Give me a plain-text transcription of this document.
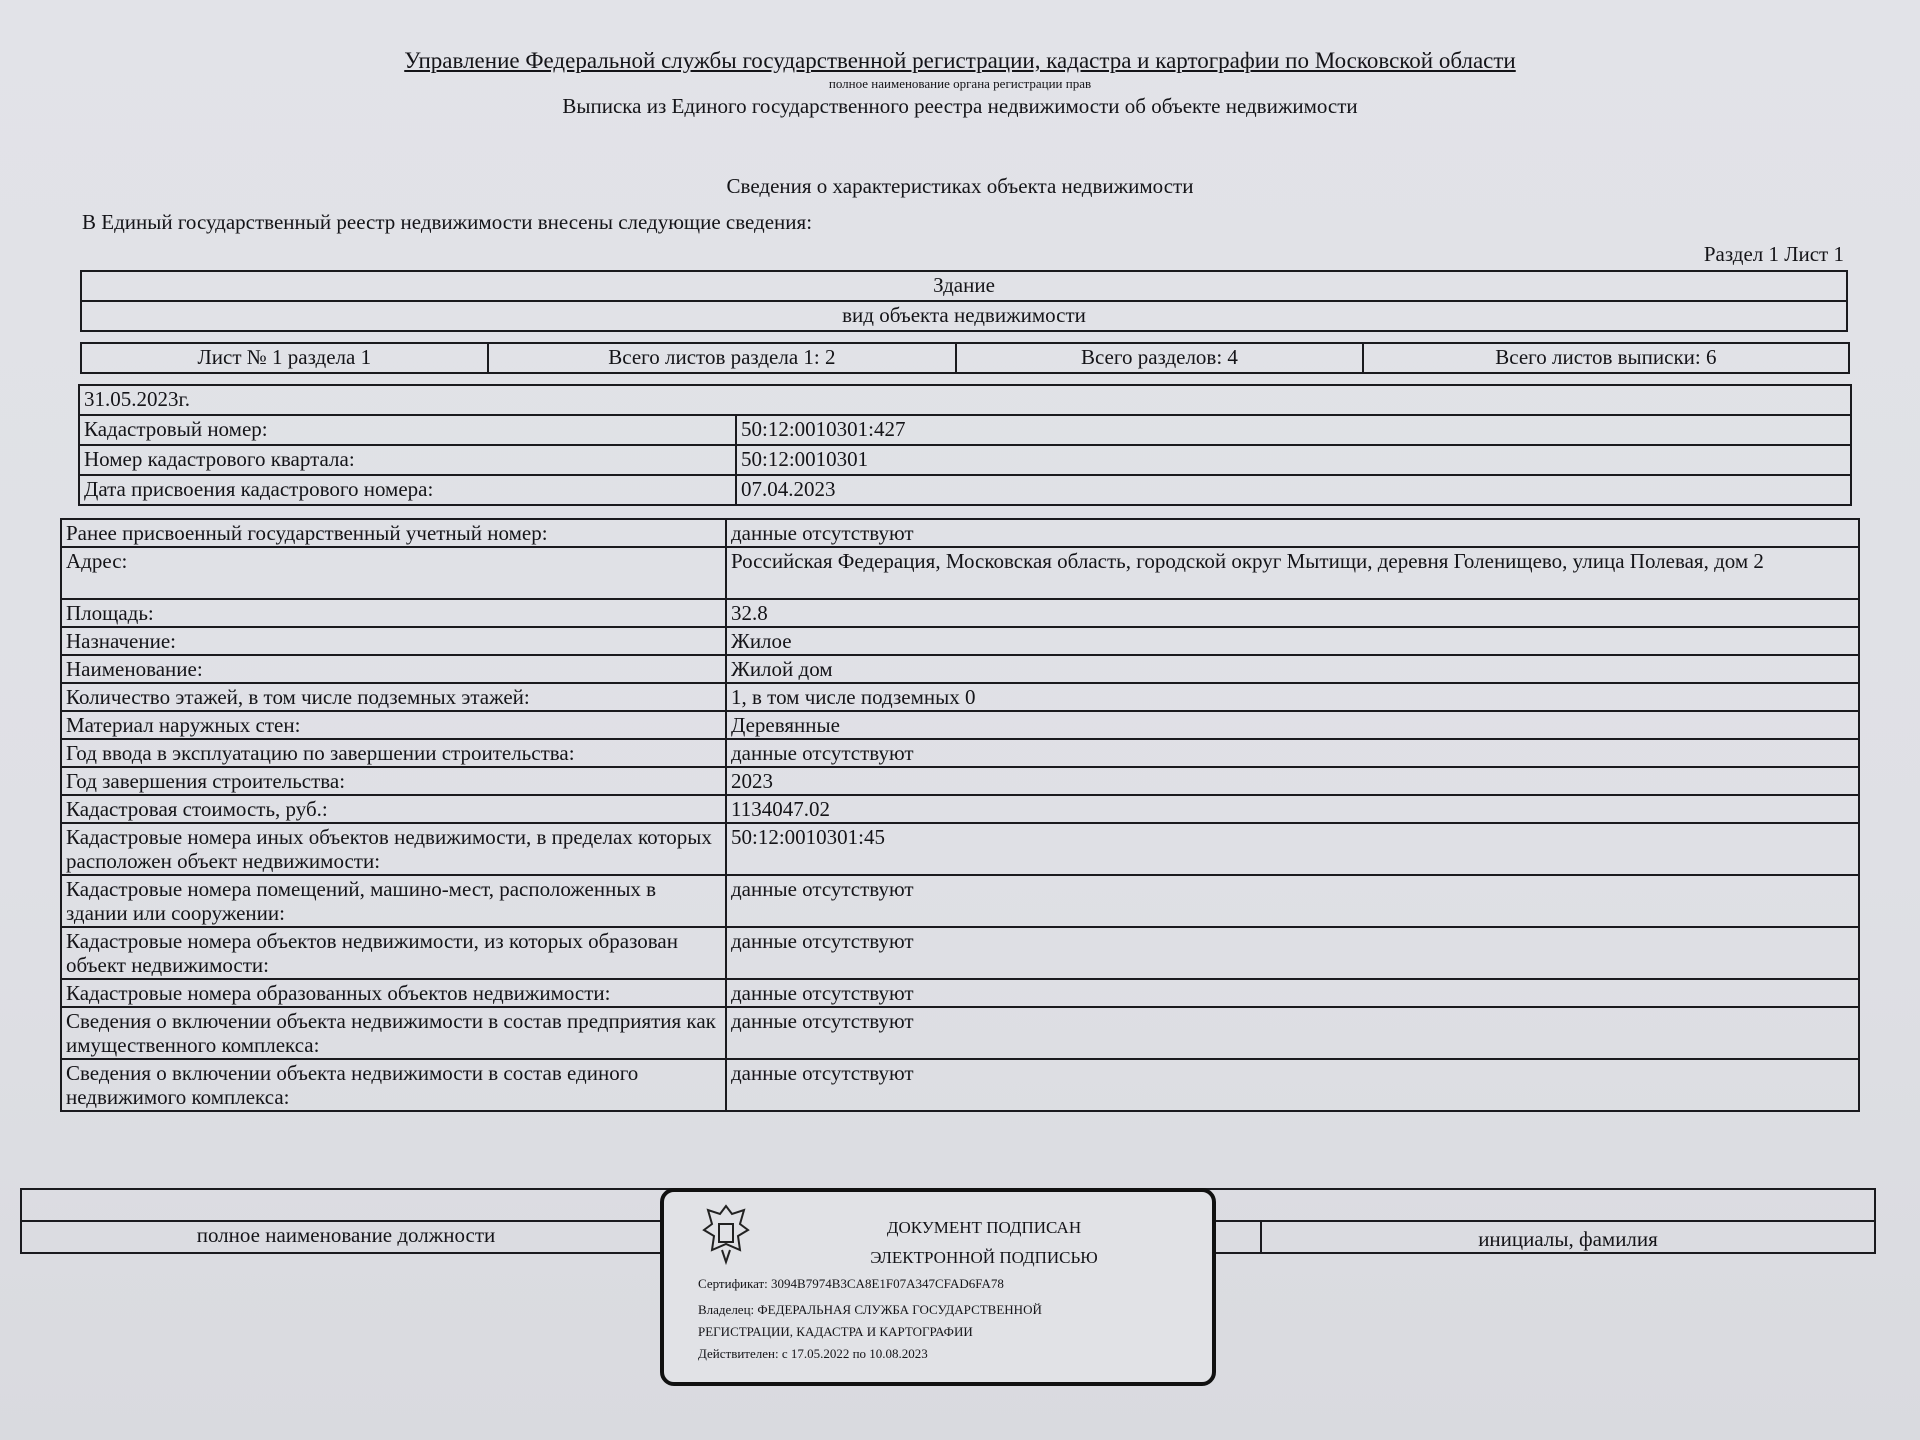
Управление Федеральной службы государственной регистрации, кадастра и картографии по Московской области
полное наименование органа регистрации прав
Выписка из Единого государственного реестра недвижимости об объекте недвижимости
Сведения о характеристиках объекта недвижимости
В Единый государственный реестр недвижимости внесены следующие сведения:
Раздел 1 Лист 1
Здание
вид объекта недвижимости
Лист № 1 раздела 1	Всего листов раздела 1: 2	Всего разделов: 4	Всего листов выписки: 6
31.05.2023г.	
Кадастровый номер:	50:12:0010301:427
Номер кадастрового квартала:	50:12:0010301
Дата присвоения кадастрового номера:	07.04.2023
Ранее присвоенный государственный учетный номер:	данные отсутствуют
Адрес:	Российская Федерация, Московская область, городской округ Мытищи, деревня Голенищево, улица Полевая, дом 2
Площадь:	32.8
Назначение:	Жилое
Наименование:	Жилой дом
Количество этажей, в том числе подземных этажей:	1, в том числе подземных 0
Материал наружных стен:	Деревянные
Год ввода в эксплуатацию по завершении строительства:	данные отсутствуют
Год завершения строительства:	2023
Кадастровая стоимость, руб.:	1134047.02
Кадастровые номера иных объектов недвижимости, в пределах которых расположен объект недвижимости:	50:12:0010301:45
Кадастровые номера помещений, машино-мест, расположенных в здании или сооружении:	данные отсутствуют
Кадастровые номера объектов недвижимости, из которых образован объект недвижимости:	данные отсутствуют
Кадастровые номера образованных объектов недвижимости:	данные отсутствуют
Сведения о включении объекта недвижимости в состав предприятия как имущественного комплекса:	данные отсутствуют
Сведения о включении объекта недвижимости в состав единого недвижимого комплекса:	данные отсутствуют

полное наименование должности		инициалы, фамилия
ДОКУМЕНТ ПОДПИСАН
ЭЛЕКТРОННОЙ ПОДПИСЬЮ
Сертификат: 3094B7974B3CA8E1F07A347CFAD6FA78
Владелец: ФЕДЕРАЛЬНАЯ СЛУЖБА ГОСУДАРСТВЕННОЙ
РЕГИСТРАЦИИ, КАДАСТРА И КАРТОГРАФИИ
Действителен: с 17.05.2022 по 10.08.2023
